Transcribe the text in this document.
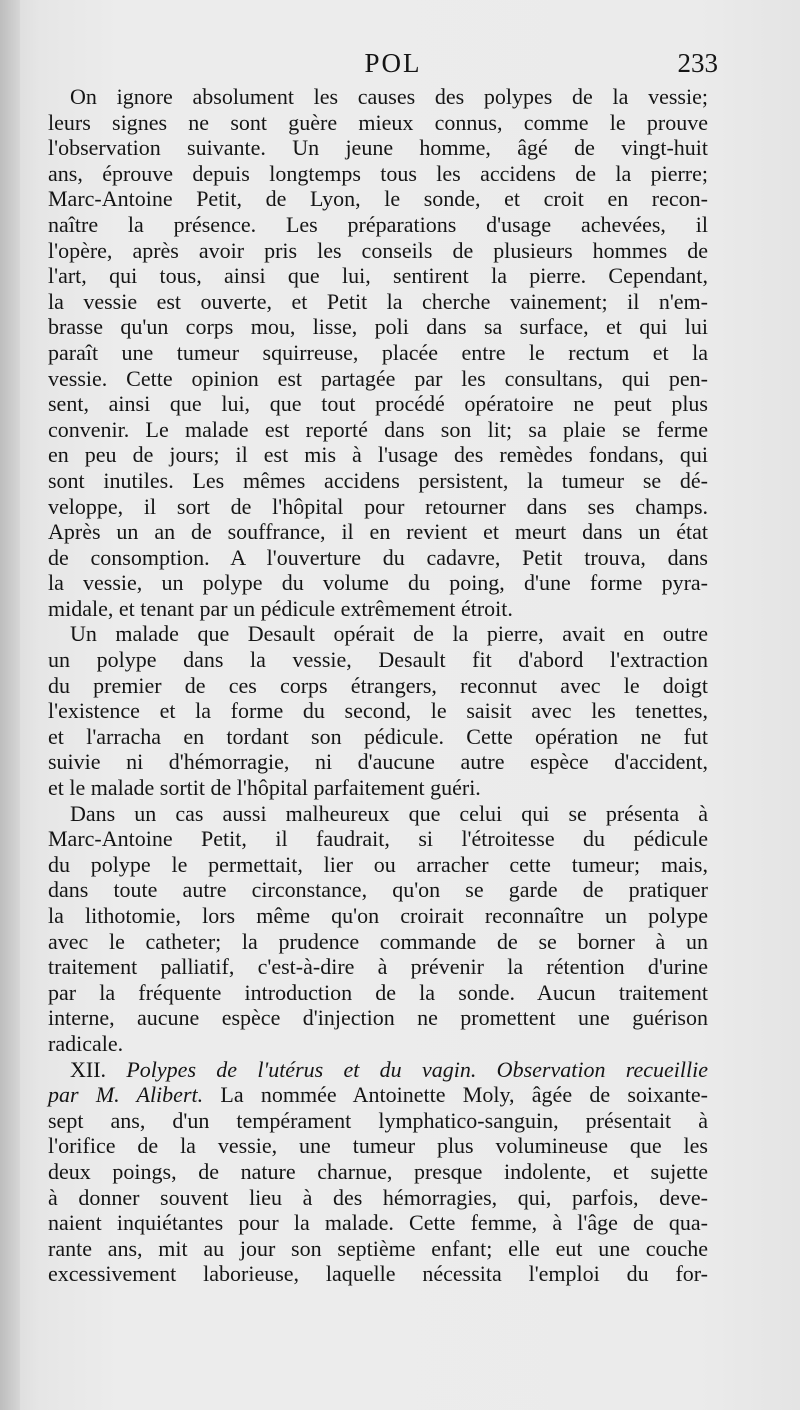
POL	233
On ignore absolument les causes des polypes de la vessie;
leurs signes ne sont guère mieux connus, comme le prouve
l'observation suivante. Un jeune homme, âgé de vingt-huit
ans, éprouve depuis longtemps tous les accidens de la pierre;
Marc-Antoine Petit, de Lyon, le sonde, et croit en recon-
naître la présence. Les préparations d'usage achevées, il
l'opère, après avoir pris les conseils de plusieurs hommes de
l'art, qui tous, ainsi que lui, sentirent la pierre. Cependant,
la vessie est ouverte, et Petit la cherche vainement; il n'em-
brasse qu'un corps mou, lisse, poli dans sa surface, et qui lui
paraît une tumeur squirreuse, placée entre le rectum et la
vessie. Cette opinion est partagée par les consultans, qui pen-
sent, ainsi que lui, que tout procédé opératoire ne peut plus
convenir. Le malade est reporté dans son lit; sa plaie se ferme
en peu de jours; il est mis à l'usage des remèdes fondans, qui
sont inutiles. Les mêmes accidens persistent, la tumeur se dé-
veloppe, il sort de l'hôpital pour retourner dans ses champs.
Après un an de souffrance, il en revient et meurt dans un état
de consomption. A l'ouverture du cadavre, Petit trouva, dans
la vessie, un polype du volume du poing, d'une forme pyra-
midale, et tenant par un pédicule extrêmement étroit.
Un malade que Desault opérait de la pierre, avait en outre
un polype dans la vessie, Desault fit d'abord l'extraction
du premier de ces corps étrangers, reconnut avec le doigt
l'existence et la forme du second, le saisit avec les tenettes,
et l'arracha en tordant son pédicule. Cette opération ne fut
suivie ni d'hémorragie, ni d'aucune autre espèce d'accident,
et le malade sortit de l'hôpital parfaitement guéri.
Dans un cas aussi malheureux que celui qui se présenta à
Marc-Antoine Petit, il faudrait, si l'étroitesse du pédicule
du polype le permettait, lier ou arracher cette tumeur; mais,
dans toute autre circonstance, qu'on se garde de pratiquer
la lithotomie, lors même qu'on croirait reconnaître un polype
avec le catheter; la prudence commande de se borner à un
traitement palliatif, c'est-à-dire à prévenir la rétention d'urine
par la fréquente introduction de la sonde. Aucun traitement
interne, aucune espèce d'injection ne promettent une guérison
radicale.
XII. Polypes de l'utérus et du vagin. Observation recueillie
par M. Alibert. La nommée Antoinette Moly, âgée de soixante-
sept ans, d'un tempérament lymphatico-sanguin, présentait à
l'orifice de la vessie, une tumeur plus volumineuse que les
deux poings, de nature charnue, presque indolente, et sujette
à donner souvent lieu à des hémorragies, qui, parfois, deve-
naient inquiétantes pour la malade. Cette femme, à l'âge de qua-
rante ans, mit au jour son septième enfant; elle eut une couche
excessivement laborieuse, laquelle nécessita l'emploi du for-
